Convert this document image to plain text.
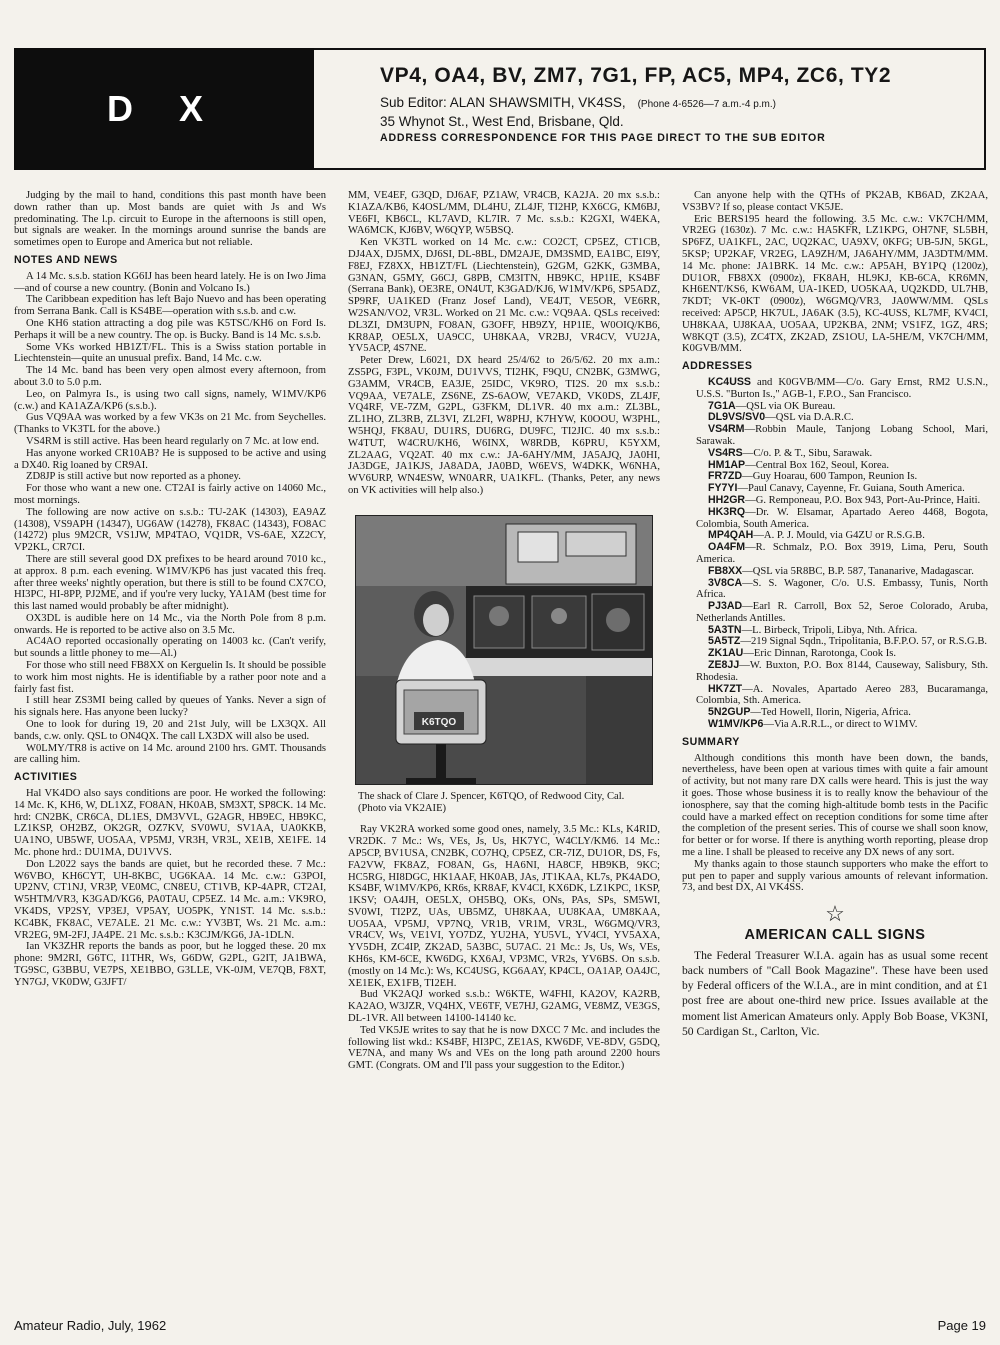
D X
VP4, OA4, BV, ZM7, 7G1, FP, AC5, MP4, ZC6, TY2
Sub Editor: ALAN SHAWSMITH, VK4SS, (Phone 4-6526—7 a.m.-4 p.m.)
35 Whynot St., West End, Brisbane, Qld.
ADDRESS CORRESPONDENCE FOR THIS PAGE DIRECT TO THE SUB EDITOR

Judging by the mail to hand, conditions this past month have been down rather than up. Most bands are quiet with Js and Ws predominating. The l.p. circuit to Europe in the afternoons is still open, but signals are weaker. In the mornings around sunrise the bands are sometimes open to Europe and America but not reliable.

NOTES AND NEWS

A 14 Mc. s.s.b. station KG6IJ has been heard lately. He is on Iwo Jima—and of course a new country. (Bonin and Volcano Is.)

The Caribbean expedition has left Bajo Nuevo and has been operating from Serrana Bank. Call is KS4BE—operation with s.s.b. and c.w.

One KH6 station attracting a dog pile was K5TSC/KH6 on Ford Is. Perhaps it will be a new country. The op. is Bucky. Band is 14 Mc. s.s.b.

Some VKs worked HB1ZT/FL. This is a Swiss station portable in Liechtenstein—quite an unusual prefix. Band, 14 Mc. c.w.

The 14 Mc. band has been very open almost every afternoon, from about 3.0 to 5.0 p.m.

Leo, on Palmyra Is., is using two call signs, namely, W1MV/KP6 (c.w.) and KA1AZA/KP6 (s.s.b.).

Gus VQ9AA was worked by a few VK3s on 21 Mc. from Seychelles. (Thanks to VK3TL for the above.)

VS4RM is still active. Has been heard regularly on 7 Mc. at low end.

Has anyone worked CR10AB? He is supposed to be active and using a DX40. Rig loaned by CR9AI.

ZD8JP is still active but now reported as a phoney.

For those who want a new one. CT2AI is fairly active on 14060 Mc., most mornings.

The following are now active on s.s.b.: TU-2AK (14303), EA9AZ (14308), VS9APH (14347), UG6AW (14278), FK8AC (14343), FO8AC (14272) plus 9M2CR, VS1JW, MP4TAO, VQ1DR, VS-6AE, XZ2CY, VP2KL, CR7CI.

There are still several good DX prefixes to be heard around 7010 kc., at approx. 8 p.m. each evening. W1MV/KP6 has just vacated this freq. after three weeks' nightly operation, but there is still to be found CX7CO, HI3PC, HI-8PP, PJ2ME, and if you're very lucky, YA1AM (best time for this last named would probably be after midnight).

OX3DL is audible here on 14 Mc., via the North Pole from 8 p.m. onwards. He is reported to be active also on 3.5 Mc.

AC4AO reported occasionally operating on 14003 kc. (Can't verify, but sounds a little phoney to me—Al.)

For those who still need FB8XX on Kerguelin Is. It should be possible to work him most nights. He is identifiable by a rather poor note and a fairly fast fist.

I still hear ZS3MI being called by queues of Yanks. Never a sign of his signals here. Has anyone been lucky?

One to look for during 19, 20 and 21st July, will be LX3QX. All bands, c.w. only. QSL to ON4QX. The call LX3DX will also be used.

W0LMY/TR8 is active on 14 Mc. around 2100 hrs. GMT. Thousands are calling him.

ACTIVITIES

Hal VK4DO also says conditions are poor. He worked the following: 14 Mc. K, KH6, W, DL1XZ, FO8AN, HK0AB, SM3XT, SP8CK. 14 Mc. hrd: CN2BK, CR6CA, DL1ES, DM3VVL, G2AGR, HB9EC, HB9KC, LZ1KSP, OH2BZ, OK2GR, OZ7KV, SV0WU, SV1AA, UA0KKB, UA1NO, UB5WF, UO5AA, VP5MJ, VR3H, VR3L, XE1B, XE1FE. 14 Mc. phone hrd.: DU1MA, DU1VVS.

Don L2022 says the bands are quiet, but he recorded these. 7 Mc.: W6VBO, KH6CYT, UH-8KBC, UG6KAA. 14 Mc. c.w.: G3POI, UP2NV, CT1NJ, VR3P, VE0MC, CN8EU, CT1VB, KP-4APR, CT2AI, W5HTM/VR3, K3GAD/KG6, PA0TAU, CP5EZ. 14 Mc. a.m.: VK9RO, VK4DS, VP2SY, VP3EJ, VP5AY, UO5PK, YN1ST. 14 Mc. s.s.b.: KC4BK, FK8AC, VE7ALE. 21 Mc. c.w.: YV3BT, Ws. 21 Mc. a.m.: VR2EG, 9M-2FJ, JA4PE. 21 Mc. s.s.b.: K3CJM/KG6, JA-1DLN.

Ian VK3ZHR reports the bands as poor, but he logged these. 20 mx phone: 9M2RI, G6TC, I1THR, Ws, G6DW, G2PL, G2IT, JA1BWA, TG9SC, G3BBU, VE7PS, XE1BBO, G3LLE, VK-0JM, VE7QB, F8XT, YN7GJ, VK0DW, G3JFT/

MM, VE4EF, G3QD, DJ6AF, PZ1AW, VR4CB, KA2JA. 20 mx s.s.b.: K1AZA/KB6, K4OSL/MM, DL4HU, ZL4JF, TI2HP, KX6CG, KM6BJ, VE6FI, KB6CL, KL7AVD, KL7IR. 7 Mc. s.s.b.: K2GXI, W4EKA, WA6MCK, KJ6BV, W6QYP, W5BSQ.

Ken VK3TL worked on 14 Mc. c.w.: CO2CT, CP5EZ, CT1CB, DJ4AX, DJ5MX, DJ6SI, DL-8BL, DM2AJE, DM3SMD, EA1BC, EI9Y, F8EJ, FZ8XX, HB1ZT/FL (Liechtenstein), G2GM, G2KK, G3MBA, G3NAN, G5MY, G6CJ, G8PB, CM3ITN, HB9KC, HP1IE, KS4BF (Serrana Bank), OE3RE, ON4UT, K3GAD/KJ6, W1MV/KP6, SP5ADZ, SP9RF, UA1KED (Franz Josef Land), VE4JT, VE5OR, VE6RR, W2SAN/VO2, VR3L. Worked on 21 Mc. c.w.: VQ9AA. QSLs received: DL3ZI, DM3UPN, FO8AN, G3OFF, HB9ZY, HP1IE, W0OIQ/KB6, KR8AP, OE5LX, UA9CC, UH8KAA, VR2BJ, VR4CV, VU2JA, YV5ACP, 4S7NE.

Peter Drew, L6021, DX heard 25/4/62 to 26/5/62. 20 mx a.m.: ZS5PG, F3PL, VK0JM, DU1VVS, TI2HK, F9QU, CN2BK, G3MWG, G3AMM, VR4CB, EA3JE, 25IDC, VK9RO, TI2S. 20 mx s.s.b.: VQ9AA, VE7ALE, ZS6NE, ZS-6AOW, VE7AKD, VK0DS, ZL4JF, VQ4RF, VE-7ZM, G2PL, G3FKM, DL1VR. 40 mx a.m.: ZL3BL, ZL1HO, ZL3RB, ZL3VI, ZL2FI, W8PHJ, K7HYW, K0OOU, W3PHL, W5HQJ, FK8AU, DU1RS, DU6RG, DU9FC, TI2JIC. 40 mx s.s.b.: W4TUT, W4CRU/KH6, W6INX, W8RDB, K6PRU, K5YXM, ZL2AAG, VQ2AT. 40 mx c.w.: JA-6AHY/MM, JA5AJQ, JA0HI, JA3DGE, JA1KJS, JA8ADA, JA0BD, W6EVS, W4DKK, W6NHA, WV6URP, WN4ESW, WN0ARR, UA1KFL. (Thanks, Peter, any news on VK activities will help also.)

K6TQO

The shack of Clare J. Spencer, K6TQO, of Redwood City, Cal. (Photo via VK2AIE)

Ray VK2RA worked some good ones, namely, 3.5 Mc.: KLs, K4RID, VR2DK. 7 Mc.: Ws, VEs, Js, Us, HK7YC, W4CLY/KM6. 14 Mc.: AP5CP, BV1USA, CN2BK, CO7HQ, CP5EZ, CR-7IZ, DU1OR, DS, Fs, FA2VW, FK8AZ, FO8AN, Gs, HA6NI, HA8CF, HB9KB, 9KC; HC5RG, HI8DGC, HK1AAF, HK0AB, JAs, JT1KAA, KL7s, PK4ADO, KS4BF, W1MV/KP6, KR6s, KR8AF, KV4CI, KX6DK, LZ1KPC, 1KSP, 1KSV; OA4JH, OE5LX, OH5BQ, OKs, ONs, PAs, SPs, SM5WI, SV0WI, TI2PZ, UAs, UB5MZ, UH8KAA, UU8KAA, UM8KAA, UO5AA, VP5MJ, VP7NQ, VR1B, VR1M, VR3L, W6GMQ/VR3, VR4CV, Ws, VE1VI, YO7DZ, YU2HA, YU5VL, YV4CI, YV5AXA, YV5DH, ZC4IP, ZK2AD, 5A3BC, 5U7AC. 21 Mc.: Js, Us, Ws, VEs, KH6s, KM-6CE, KW6DG, KX6AJ, VP3MC, VR2s, YV6BS. On s.s.b. (mostly on 14 Mc.): Ws, KC4USG, KG6AAY, KP4CL, OA1AP, OA4JC, XE1EK, EX1FB, TI2EH.

Bud VK2AQJ worked s.s.b.: W6KTE, W4FHI, KA2OV, KA2RB, KA2AO, W3JZR, VQ4HX, VE6TF, VE7HJ, G2AMG, VE8MZ, VE3GS, DL-1VR. All between 14100-14140 kc.

Ted VK5JE writes to say that he is now DXCC 7 Mc. and includes the following list wkd.: KS4BF, HI3PC, ZE1AS, KW6DF, VE-8DV, G5DQ, VE7NA, and many Ws and VEs on the long path around 2200 hours GMT. (Congrats. OM and I'll pass your suggestion to the Editor.)

Can anyone help with the QTHs of PK2AB, KB6AD, ZK2AA, VS3BV? If so, please contact VK5JE.

Eric BERS195 heard the following. 3.5 Mc. c.w.: VK7CH/MM, VR2EG (1630z). 7 Mc. c.w.: HA5KFR, LZ1KPG, OH7NF, SL5BH, SP6FZ, UA1KFL, 2AC, UQ2KAC, UA9XV, 0KFG; UB-5JN, 5KGL, 5KSP; UP2KAF, VR2EG, LA9ZH/M, JA6AHY/MM, JA3DTM/MM. 14 Mc. phone: JA1BRK. 14 Mc. c.w.: AP5AH, BY1PQ (1200z), DU1OR, FB8XX (0900z), FK8AH, HL9KJ, KB-6CA, KR6MN, KH6ENT/KS6, KW6AM, UA-1KED, UO5KAA, UQ2KDD, UL7HB, 7KDT; VK-0KT (0900z), W6GMQ/VR3, JA0WW/MM. QSLs received: AP5CP, HK7UL, JA6AK (3.5), KC-4USS, KL7MF, KV4CI, UH8KAA, UJ8KAA, UO5AA, UP2KBA, 2NM; VS1FZ, 1GZ, 4RS; W8KQT (3.5), ZC4TX, ZK2AD, ZS1OU, LA-5HE/M, VK7CH/MM, K0GVB/MM.

ADDRESSES

KC4USS and K0GVB/MM—C/o. Gary Ernst, RM2 U.S.N., U.S.S. "Burton Is.," AGB-1, F.P.O., San Francisco.

7G1A—QSL via OK Bureau.

DL9VS/SV0—QSL via D.A.R.C.

VS4RM—Robbin Maule, Tanjong Lobang School, Mari, Sarawak.

VS4RS—C/o. P. & T., Sibu, Sarawak.

HM1AP—Central Box 162, Seoul, Korea.

FR7ZD—Guy Hoarau, 600 Tampon, Reunion Is.

FY7YI—Paul Canavy, Cayenne, Fr. Guiana, South America.

HH2GR—G. Remponeau, P.O. Box 943, Port-Au-Prince, Haiti.

HK3RQ—Dr. W. Elsamar, Apartado Aereo 4468, Bogota, Colombia, South America.

MP4QAH—A. P. J. Mould, via G4ZU or R.S.G.B.

OA4FM—R. Schmalz, P.O. Box 3919, Lima, Peru, South America.

FB8XX—QSL via 5R8BC, B.P. 587, Tananarive, Madagascar.

3V8CA—S. S. Wagoner, C/o. U.S. Embassy, Tunis, North Africa.

PJ3AD—Earl R. Carroll, Box 52, Seroe Colorado, Aruba, Netherlands Antilles.

5A3TN—L. Birbeck, Tripoli, Libya, Nth. Africa.

5A5TZ—219 Signal Sqdn., Tripolitania, B.F.P.O. 57, or R.S.G.B.

ZK1AU—Eric Dinnan, Rarotonga, Cook Is.

ZE8JJ—W. Buxton, P.O. Box 8144, Causeway, Salisbury, Sth. Rhodesia.

HK7ZT—A. Novales, Apartado Aereo 283, Bucaramanga, Colombia, Sth. America.

5N2GUP—Ted Howell, Ilorin, Nigeria, Africa.

W1MV/KP6—Via A.R.R.L., or direct to W1MV.

SUMMARY

Although conditions this month have been down, the bands, nevertheless, have been open at various times with quite a fair amount of activity, but not many rare DX calls were heard. This is just the way it goes. Those whose business it is to really know the behaviour of the ionosphere, say that the coming high-altitude bomb tests in the Pacific could have a marked effect on reception conditions for some time after the completion of the present series. This of course we shall soon know, for better or for worse. If there is anything worth reporting, please drop me a line. I shall be pleased to receive any DX news of any sort.

My thanks again to those staunch supporters who make the effort to put pen to paper and supply various amounts of relevant information. 73, and best DX, Al VK4SS.

☆
AMERICAN CALL SIGNS

The Federal Treasurer W.I.A. again has as usual some recent back numbers of "Call Book Magazine". These have been used by Federal officers of the W.I.A., are in mint condition, and at £1 post free are about one-third new price. Issues available at the moment list American Amateurs only. Apply Bob Boase, VK3NI, 50 Cardigan St., Carlton, Vic.

Amateur Radio, July, 1962	Page 19
